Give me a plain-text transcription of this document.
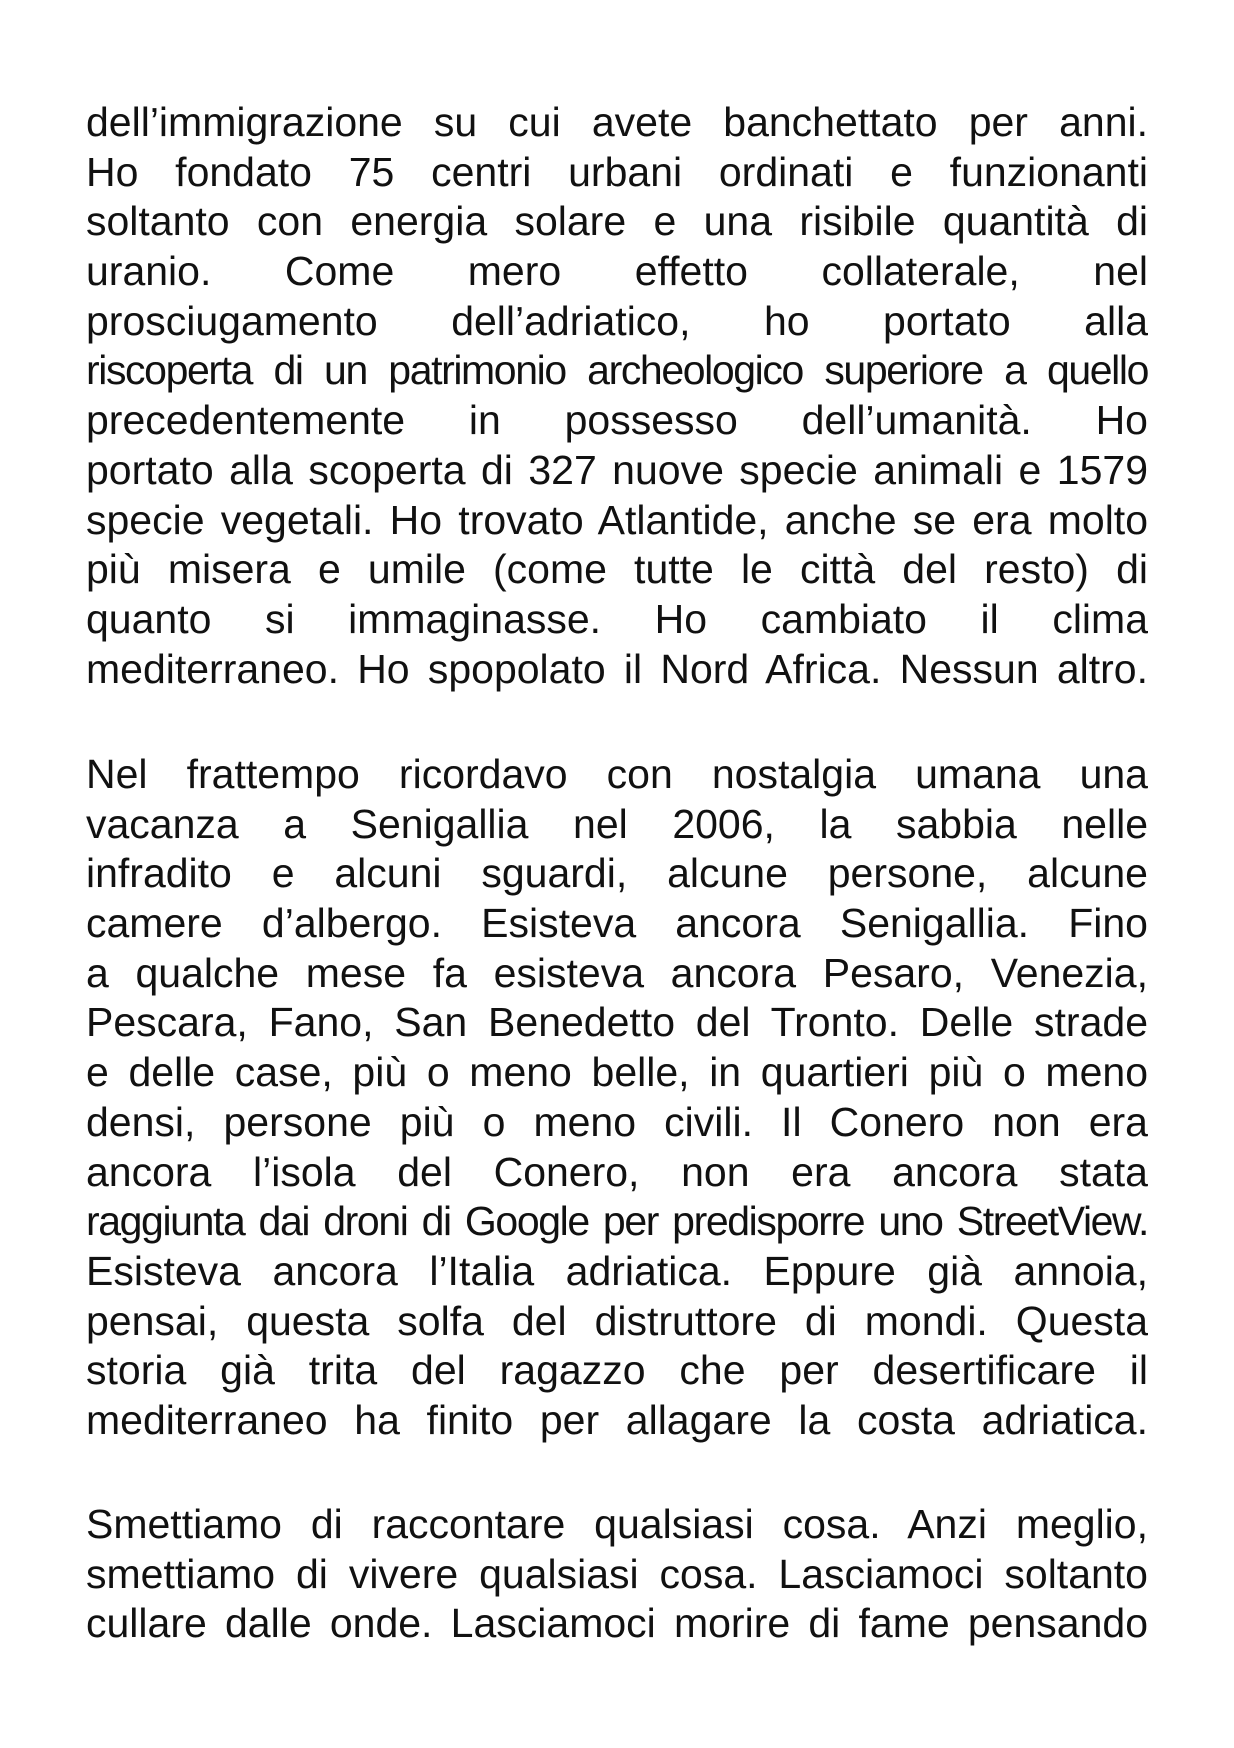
dell’immigrazione su cui avete banchettato per anni.
Ho fondato 75 centri urbani ordinati e funzionanti
soltanto con energia solare e una risibile quantità di
uranio. Come mero effetto collaterale, nel
prosciugamento dell’adriatico, ho portato alla
riscoperta di un patrimonio archeologico superiore a quello
precedentemente in possesso dell’umanità. Ho
portato alla scoperta di 327 nuove specie animali e 1579
specie vegetali. Ho trovato Atlantide, anche se era molto
più misera e umile (come tutte le città del resto) di
quanto si immaginasse. Ho cambiato il clima
mediterraneo. Ho spopolato il Nord Africa. Nessun altro.
Nel frattempo ricordavo con nostalgia umana una
vacanza a Senigallia nel 2006, la sabbia nelle
infradito e alcuni sguardi, alcune persone, alcune
camere d’albergo. Esisteva ancora Senigallia. Fino
a qualche mese fa esisteva ancora Pesaro, Venezia,
Pescara, Fano, San Benedetto del Tronto. Delle strade
e delle case, più o meno belle, in quartieri più o meno
densi, persone più o meno civili. Il Conero non era
ancora l’isola del Conero, non era ancora stata
raggiunta dai droni di Google per predisporre uno StreetView.
Esisteva ancora l’Italia adriatica. Eppure già annoia,
pensai, questa solfa del distruttore di mondi. Questa
storia già trita del ragazzo che per desertificare il
mediterraneo ha finito per allagare la costa adriatica.
Smettiamo di raccontare qualsiasi cosa. Anzi meglio,
smettiamo di vivere qualsiasi cosa. Lasciamoci soltanto
cullare dalle onde. Lasciamoci morire di fame pensando
